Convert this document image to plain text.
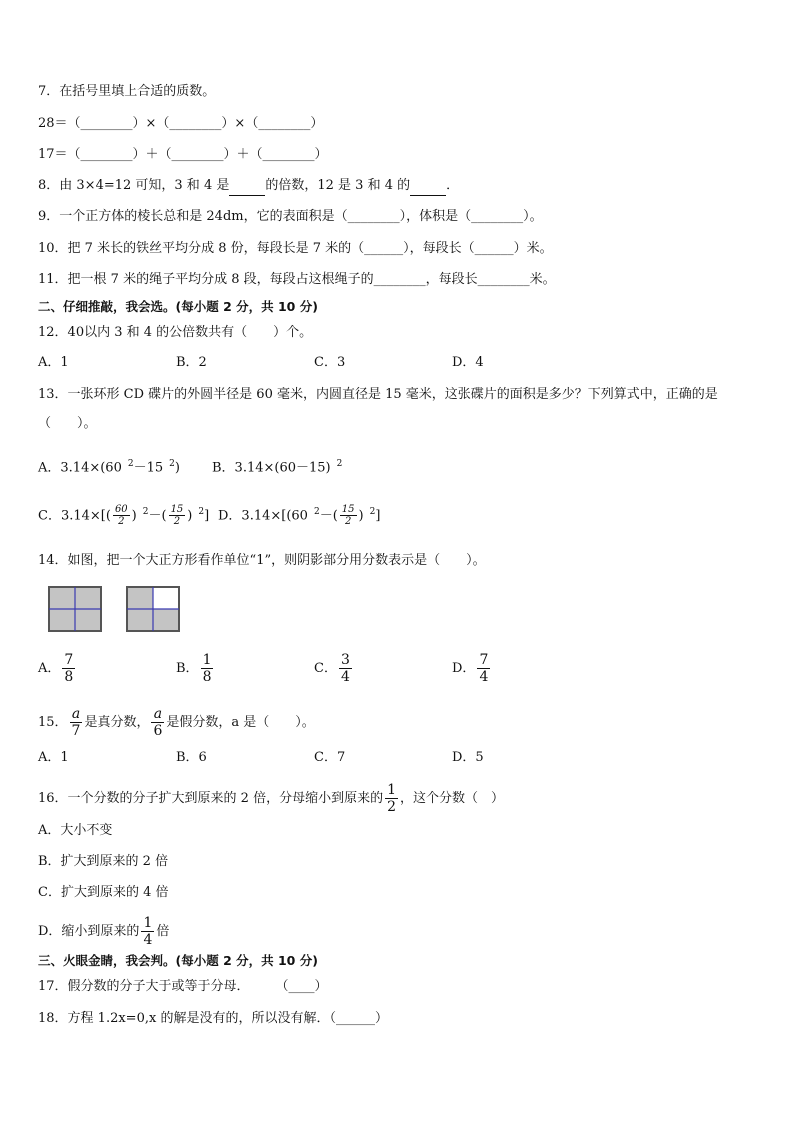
7．在括号里填上合适的质数。
28＝（________）×（________）×（________）
17＝（________）＋（________）＋（________）
8．由 3×4=12 可知，3 和 4 是	的倍数，12 是 3 和 4 的	．
9．一个正方体的棱长总和是 24dm，它的表面积是（________），体积是（________）。
10．把 7 米长的铁丝平均分成 8 份，每段长是 7 米的（______），每段长（______）米。
11．把一根 7 米的绳子平均分成 8 段，每段占这根绳子的________，每段长________米。
二、仔细推敲，我会选。(每小题 2 分，共 10 分)
12．40以内 3 和 4 的公倍数共有（　　）个。
A．1	B．2	C．3	D．4
13．一张环形 CD 碟片的外圆半径是 60 毫米，内圆直径是 15 毫米，这张碟片的面积是多少？下列算式中，正确的是
（　　）。
A．3.14×(60 $^2$－15 $^2$) B．3.14×(60－15) $^2$
C．$3.14\times[( \frac{60}{2}$ ) $^2-( \frac{15}{2}$ ) $^2$] D．3.14×[(60 $^2-( \frac{15}{2}$ ) $^2$]
14．如图，把一个大正方形看作单位“1”，则阴影部分用分数表示是（　　）。
A． $\frac{7}{8}$	B． $\frac{1}{8}$	C． $\frac{3}{4}$	D． $\frac{7}{4}$
15． $\frac{a}{7}$ 是真分数， $\frac{a}{6}$ 是假分数，a 是（　　）。
A．1	B．6	C．7	D．5
16．一个分数的分子扩大到原来的 2 倍，分母缩小到原来的 $\frac{1}{2}$ ，这个分数（　）
A．大小不变
B．扩大到原来的 2 倍
C．扩大到原来的 4 倍
D．缩小到原来的 $\frac{1}{4}$ 倍
三、火眼金睛，我会判。(每小题 2 分，共 10 分)
17．假分数的分子大于或等于分母．　　　（____）
18．方程 1.2x=0,x 的解是没有的，所以没有解．（______）
